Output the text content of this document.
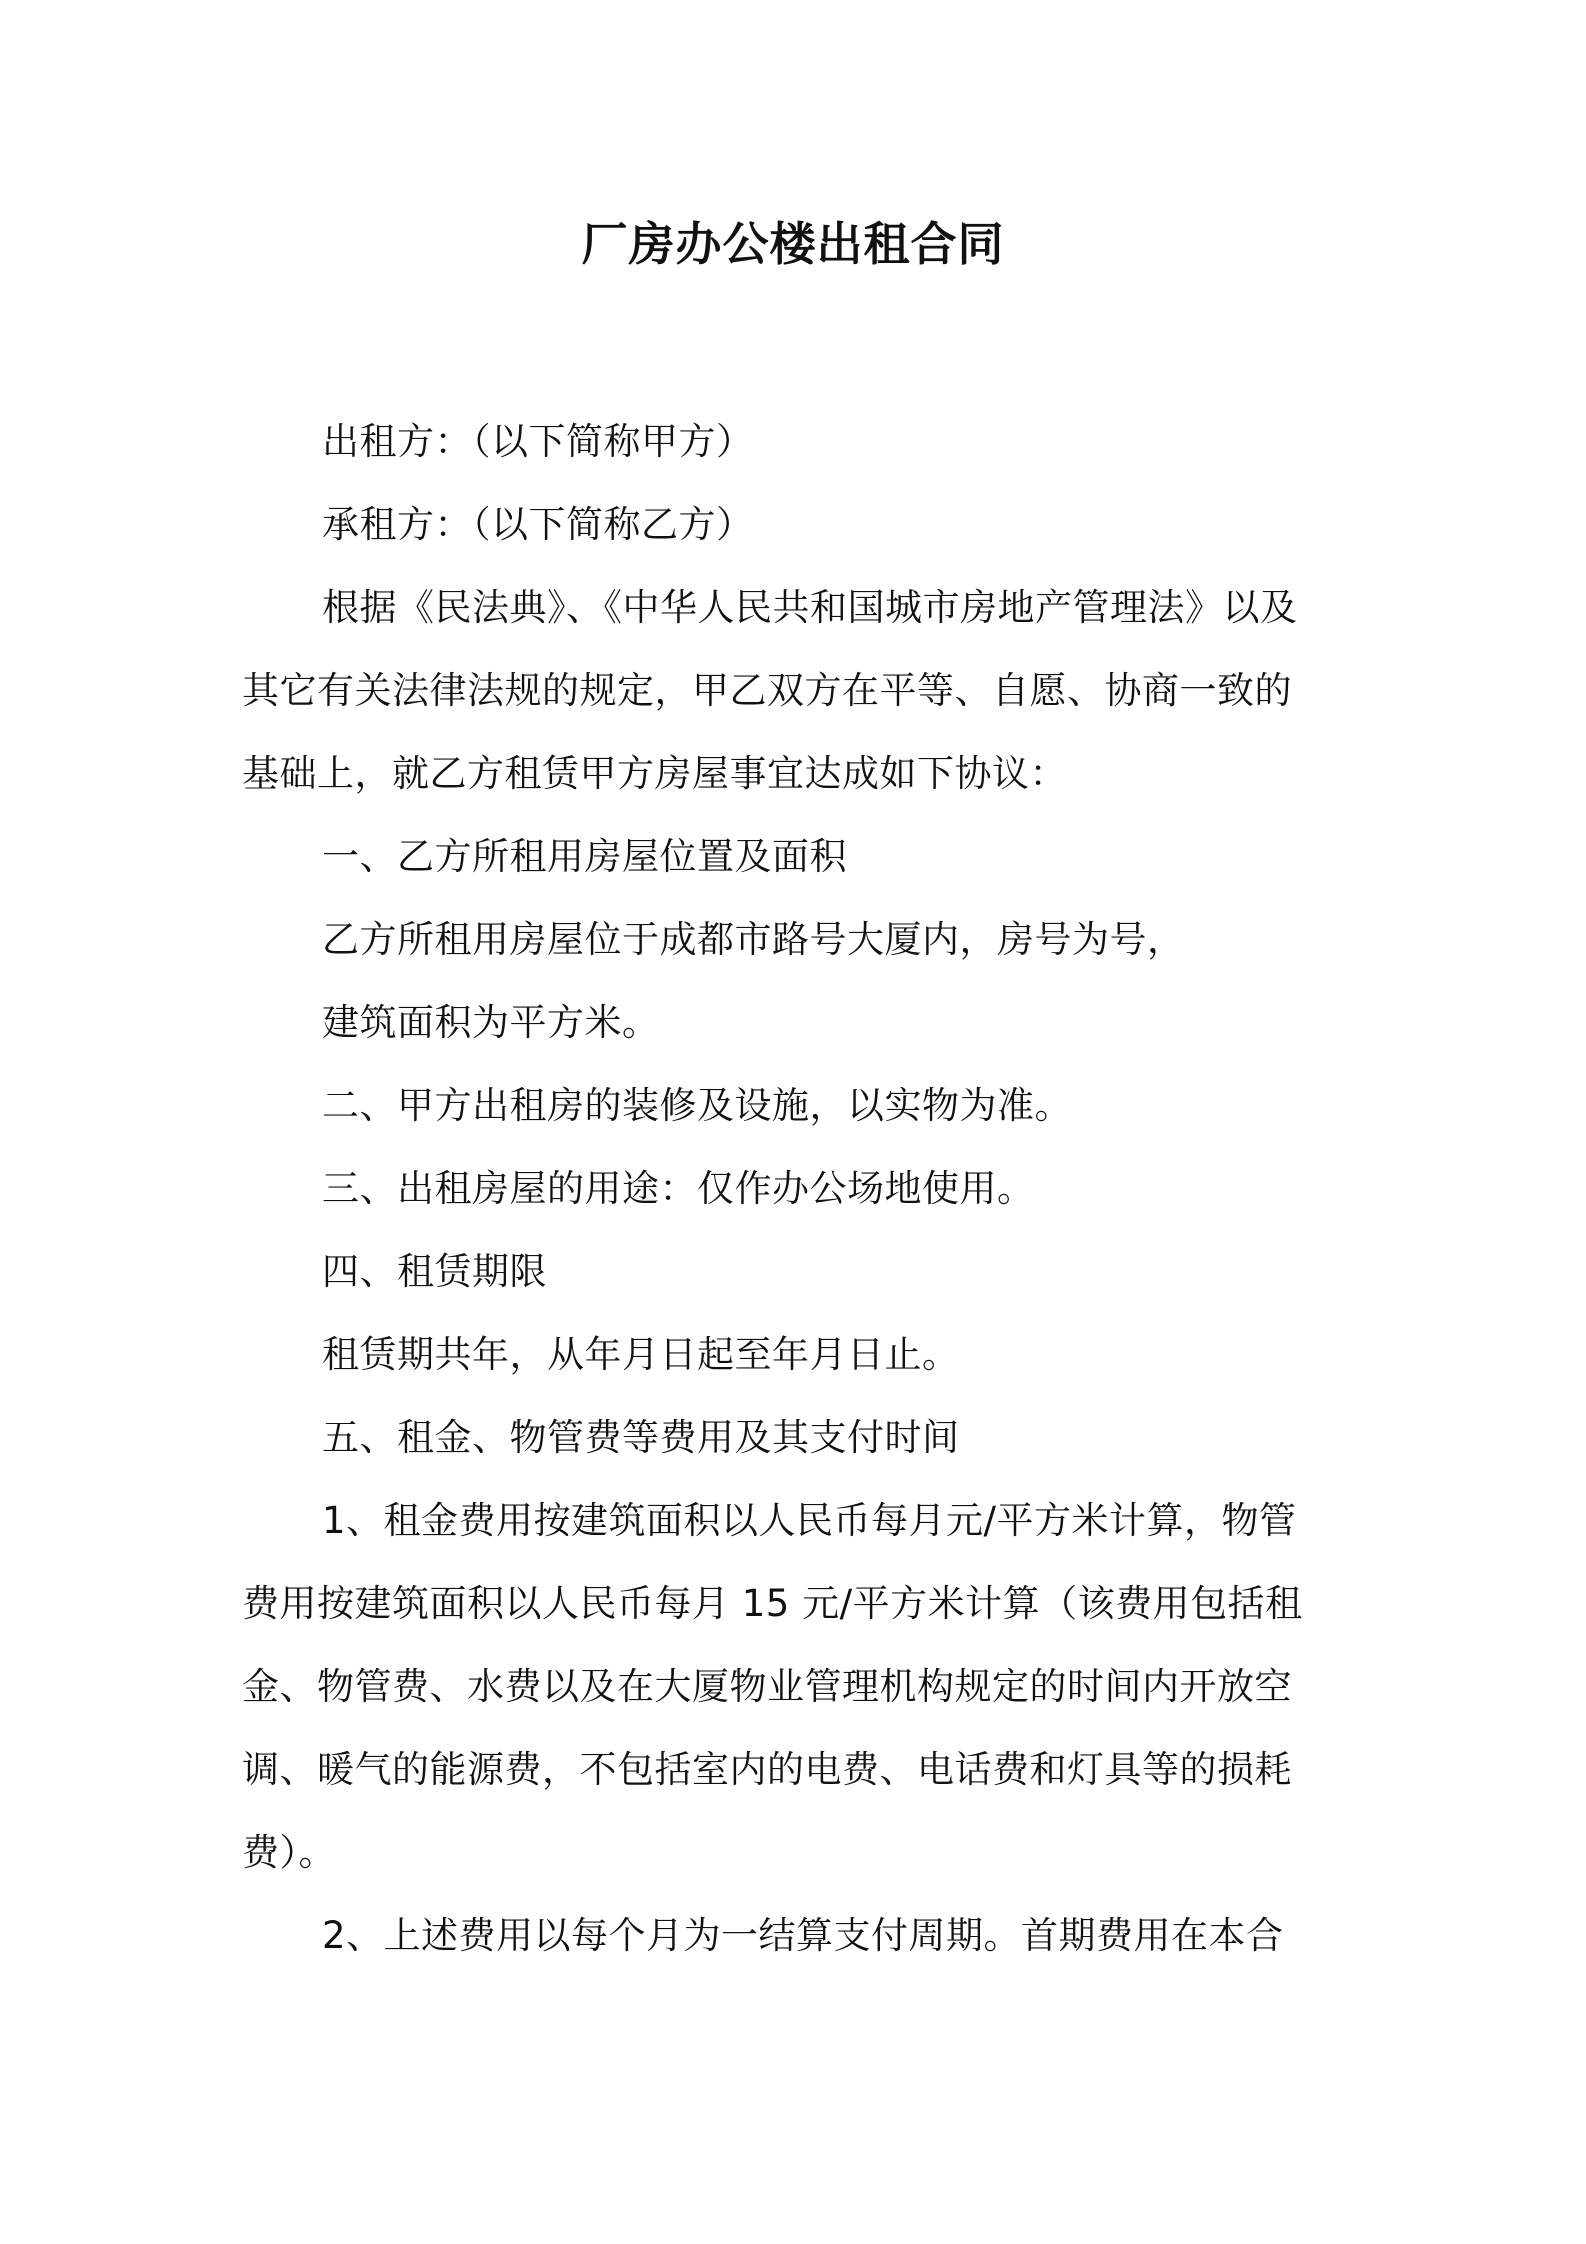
厂房办公楼出租合同
出租方：（以下简称甲方）
承租方：（以下简称乙方）
根据《民法典》、《中华人民共和国城市房地产管理法》以及
其它有关法律法规的规定，甲乙双方在平等、自愿、协商一致的
基础上，就乙方租赁甲方房屋事宜达成如下协议：
一、乙方所租用房屋位置及面积
乙方所租用房屋位于成都市路号大厦内，房号为号，
建筑面积为平方米。
二、甲方出租房的装修及设施，以实物为准。
三、出租房屋的用途：仅作办公场地使用。
四、租赁期限
租赁期共年，从年月日起至年月日止。
五、租金、物管费等费用及其支付时间
1、租金费用按建筑面积以人民币每月元/平方米计算，物管
费用按建筑面积以人民币每月 15 元/平方米计算（该费用包括租
金、物管费、水费以及在大厦物业管理机构规定的时间内开放空
调、暖气的能源费，不包括室内的电费、电话费和灯具等的损耗
费）。
2、上述费用以每个月为一结算支付周期。首期费用在本合
